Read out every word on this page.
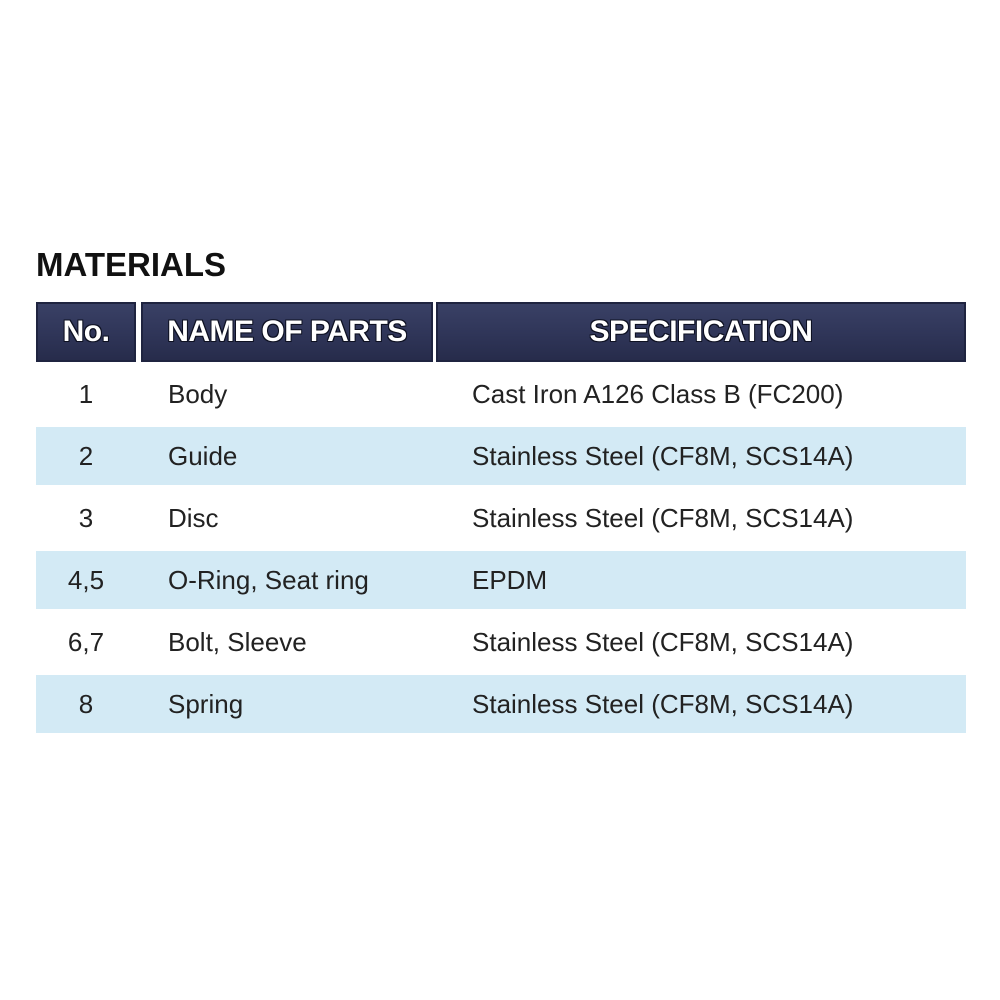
MATERIALS
No.	NAME OF PARTS	SPECIFICATION
1	Body	Cast Iron A126 Class B (FC200)
2	Guide	Stainless Steel (CF8M, SCS14A)
3	Disc	Stainless Steel (CF8M, SCS14A)
4,5	O-Ring, Seat ring	EPDM
6,7	Bolt, Sleeve	Stainless Steel (CF8M, SCS14A)
8	Spring	Stainless Steel (CF8M, SCS14A)
